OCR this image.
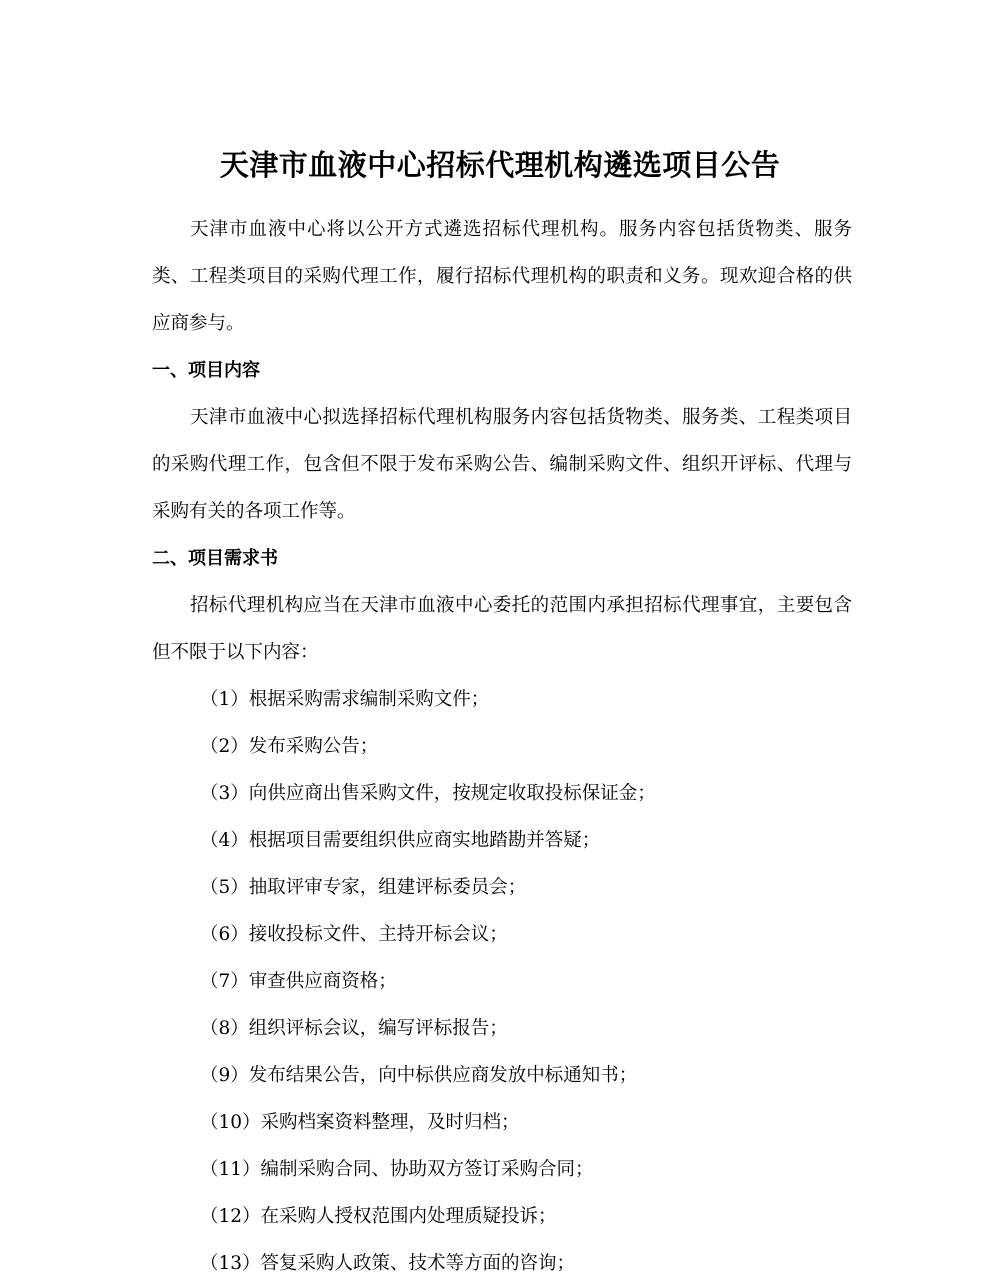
天津市血液中心招标代理机构遴选项目公告

天津市血液中心将以公开方式遴选招标代理机构。服务内容包括货物类、服务类、工程类项目的采购代理工作，履行招标代理机构的职责和义务。现欢迎合格的供应商参与。

一、项目内容

天津市血液中心拟选择招标代理机构服务内容包括货物类、服务类、工程类项目的采购代理工作，包含但不限于发布采购公告、编制采购文件、组织开评标、代理与采购有关的各项工作等。

二、项目需求书

招标代理机构应当在天津市血液中心委托的范围内承担招标代理事宜，主要包含但不限于以下内容：

（1）根据采购需求编制采购文件；
（2）发布采购公告；
（3）向供应商出售采购文件，按规定收取投标保证金；
（4）根据项目需要组织供应商实地踏勘并答疑；
（5）抽取评审专家，组建评标委员会；
（6）接收投标文件、主持开标会议；
（7）审查供应商资格；
（8）组织评标会议，编写评标报告；
（9）发布结果公告，向中标供应商发放中标通知书；
（10）采购档案资料整理，及时归档；
（11）编制采购合同、协助双方签订采购合同；
（12）在采购人授权范围内处理质疑投诉；
（13）答复采购人政策、技术等方面的咨询；
